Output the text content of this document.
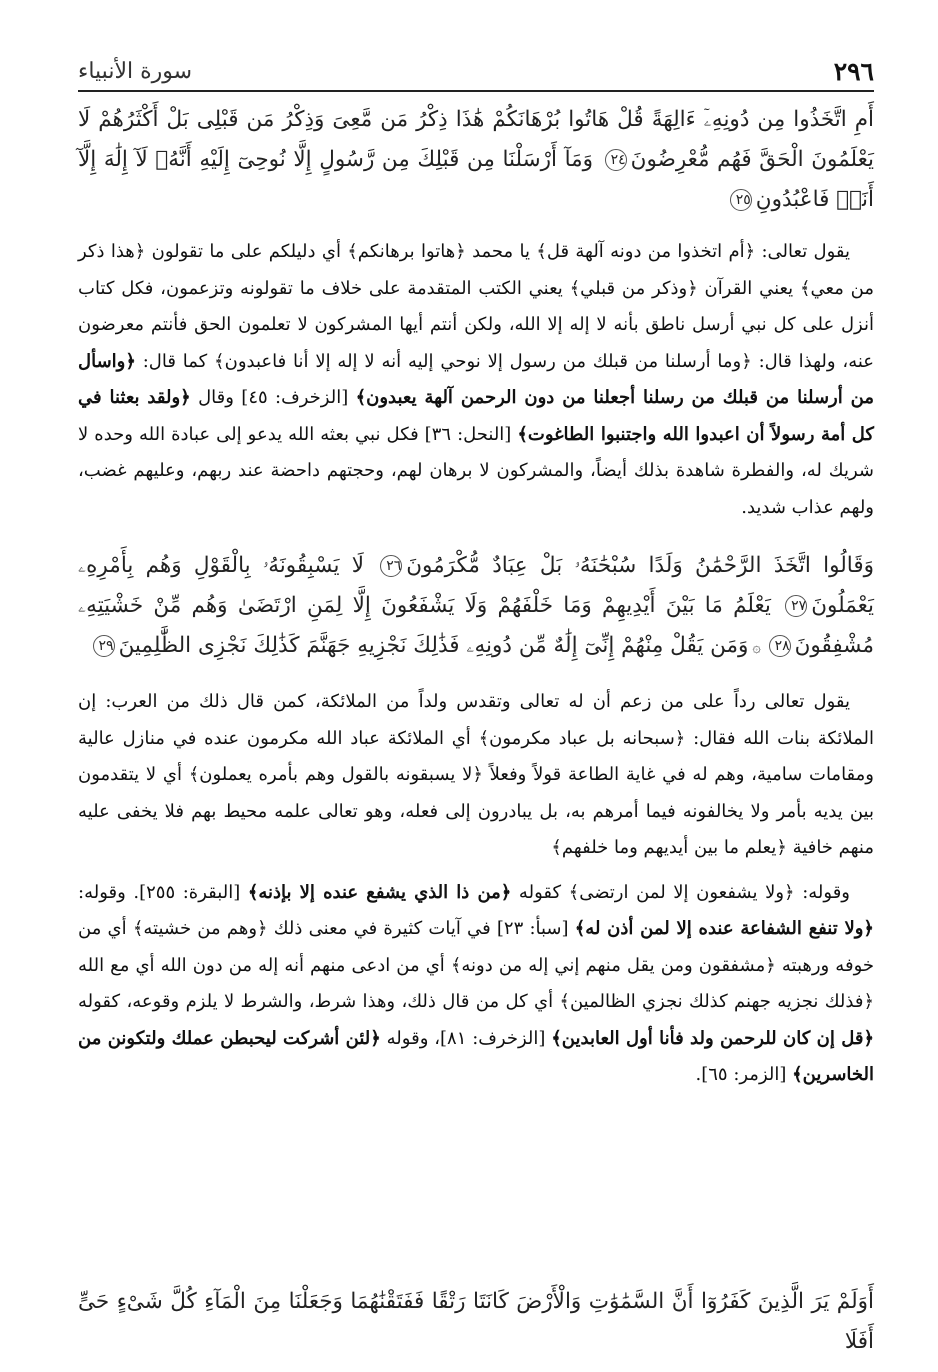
٢٩٦
سورة الأنبياء

أَمِ اتَّخَذُوا مِن دُونِهِۦٓ ءَالِهَةً قُلْ هَاتُوا بُرْهَانَكُمْ هَٰذَا ذِكْرُ مَن مَّعِىَ وَذِكْرُ مَن قَبْلِى بَلْ أَكْثَرُهُمْ لَا يَعْلَمُونَ الْحَقَّ فَهُم مُّعْرِضُونَ٢٤ وَمَآ أَرْسَلْنَا مِن قَبْلِكَ مِن رَّسُولٍ إِلَّا نُوحِىٓ إِلَيْهِ أَنَّهُۥ لَآ إِلَٰهَ إِلَّآ أَنَا۠ فَاعْبُدُونِ٢٥

يقول تعالى: ﴿أم اتخذوا من دونه آلهة قل﴾ يا محمد ﴿هاتوا برهانكم﴾ أي دليلكم على ما تقولون ﴿هذا ذكر من معي﴾ يعني القرآن ﴿وذكر من قبلي﴾ يعني الكتب المتقدمة على خلاف ما تقولونه وتزعمون، فكل كتاب أنزل على كل نبي أرسل ناطق بأنه لا إله إلا الله، ولكن أنتم أيها المشركون لا تعلمون الحق فأنتم معرضون عنه، ولهذا قال: ﴿وما أرسلنا من قبلك من رسول إلا نوحي إليه أنه لا إله إلا أنا فاعبدون﴾ كما قال: ﴿واسأل من أرسلنا من قبلك من رسلنا أجعلنا من دون الرحمن آلهة يعبدون﴾ [الزخرف: ٤٥] وقال ﴿ولقد بعثنا في كل أمة رسولاً أن اعبدوا الله واجتنبوا الطاغوت﴾ [النحل: ٣٦] فكل نبي بعثه الله يدعو إلى عبادة الله وحده لا شريك له، والفطرة شاهدة بذلك أيضاً، والمشركون لا برهان لهم، وحجتهم داحضة عند ربهم، وعليهم غضب، ولهم عذاب شديد.

وَقَالُوا اتَّخَذَ الرَّحْمَٰنُ وَلَدًا سُبْحَٰنَهُۥ بَلْ عِبَادٌ مُّكْرَمُونَ٢٦ لَا يَسْبِقُونَهُۥ بِالْقَوْلِ وَهُم بِأَمْرِهِۦ يَعْمَلُونَ٢٧ يَعْلَمُ مَا بَيْنَ أَيْدِيهِمْ وَمَا خَلْفَهُمْ وَلَا يَشْفَعُونَ إِلَّا لِمَنِ ارْتَضَىٰ وَهُم مِّنْ خَشْيَتِهِۦ مُشْفِقُونَ٢٨۞وَمَن يَقُلْ مِنْهُمْ إِنِّىٓ إِلَٰهٌ مِّن دُونِهِۦ فَذَٰلِكَ نَجْزِيهِ جَهَنَّمَ كَذَٰلِكَ نَجْزِى الظَّٰلِمِينَ٢٩

يقول تعالى رداً على من زعم أن له تعالى وتقدس ولداً من الملائكة، كمن قال ذلك من العرب: إن الملائكة بنات الله فقال: ﴿سبحانه بل عباد مكرمون﴾ أي الملائكة عباد الله مكرمون عنده في منازل عالية ومقامات سامية، وهم له في غاية الطاعة قولاً وفعلاً ﴿لا يسبقونه بالقول وهم بأمره يعملون﴾ أي لا يتقدمون بين يديه بأمر ولا يخالفونه فيما أمرهم به، بل يبادرون إلى فعله، وهو تعالى علمه محيط بهم فلا يخفى عليه منهم خافية ﴿يعلم ما بين أيديهم وما خلفهم﴾

وقوله: ﴿ولا يشفعون إلا لمن ارتضى﴾ كقوله ﴿من ذا الذي يشفع عنده إلا بإذنه﴾ [البقرة: ٢٥٥]. وقوله: ﴿ولا تنفع الشفاعة عنده إلا لمن أذن له﴾ [سبأ: ٢٣] في آيات كثيرة في معنى ذلك ﴿وهم من خشيته﴾ أي من خوفه ورهبته ﴿مشفقون ومن يقل منهم إني إله من دونه﴾ أي من ادعى منهم أنه إله من دون الله أي مع الله ﴿فذلك نجزيه جهنم كذلك نجزي الظالمين﴾ أي كل من قال ذلك، وهذا شرط، والشرط لا يلزم وقوعه، كقوله ﴿قل إن كان للرحمن ولد فأنا أول العابدين﴾ [الزخرف: ٨١]، وقوله ﴿لئن أشركت ليحبطن عملك ولتكونن من الخاسرين﴾ [الزمر: ٦٥].

أَوَلَمْ يَرَ الَّذِينَ كَفَرُوٓا أَنَّ السَّمَٰوَٰتِ وَالْأَرْضَ كَانَتَا رَتْقًا فَفَتَقْنَٰهُمَا وَجَعَلْنَا مِنَ الْمَآءِ كُلَّ شَىْءٍ حَىٍّ أَفَلَا
